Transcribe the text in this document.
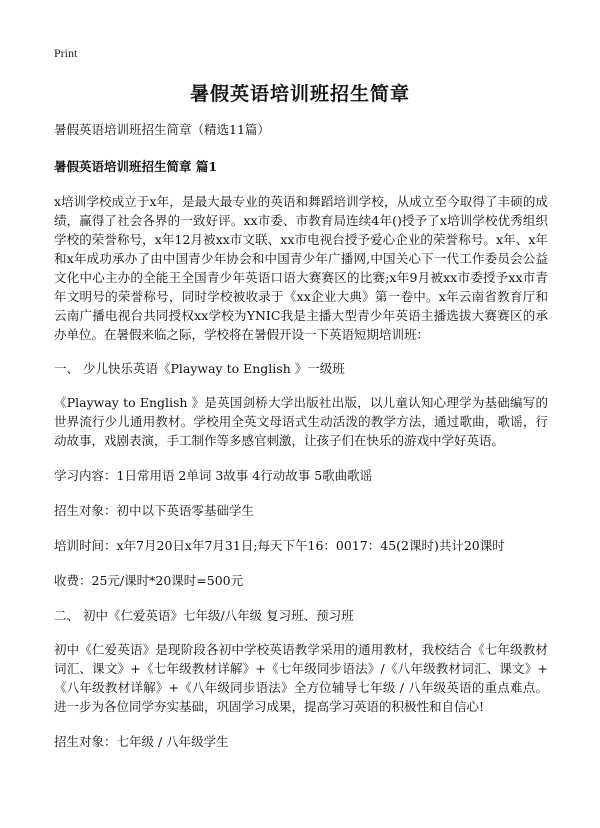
Print
暑假英语培训班招生简章

暑假英语培训班招生简章（精选11篇）

暑假英语培训班招生简章 篇1

x培训学校成立于x年，是最大最专业的英语和舞蹈培训学校，从成立至今取得了丰硕的成绩，赢得了社会各界的一致好评。xx市委、市教育局连续4年()授予了x培训学校优秀组织学校的荣誉称号，x年12月被xx市文联、xx市电视台授予爱心企业的荣誉称号。x年、x年和x年成功承办了由中国青少年协会和中国青少年广播网,中国关心下一代工作委员会公益文化中心主办的全能王全国青少年英语口语大赛赛区的比赛;x年9月被xx市委授予xx市青年文明号的荣誉称号，同时学校被收录于《xx企业大典》第一卷中。x年云南省教育厅和云南广播电视台共同授权xx学校为YNIC我是主播大型青少年英语主播选拔大赛赛区的承办单位。在暑假来临之际，学校将在暑假开设一下英语短期培训班：

一、 少儿快乐英语《Playway to English 》一级班

《Playway to English 》是英国剑桥大学出版社出版，以儿童认知心理学为基础编写的世界流行少儿通用教材。学校用全英文母语式生动活泼的教学方法，通过歌曲，歌谣，行动故事，戏剧表演，手工制作等多感官刺激，让孩子们在快乐的游戏中学好英语。

学习内容：1日常用语 2单词 3故事 4行动故事 5歌曲歌谣

招生对象：初中以下英语零基础学生

培训时间：x年7月20日x年7月31日;每天下午16：0017：45(2课时)共计20课时

收费：25元/课时*20课时=500元

二、 初中《仁爱英语》七年级/八年级 复习班、预习班

初中《仁爱英语》是现阶段各初中学校英语教学采用的通用教材，我校结合《七年级教材词汇、课文》+《七年级教材详解》+《七年级同步语法》/《八年级教材词汇、课文》+《八年级教材详解》+《八年级同步语法》全方位辅导七年级 / 八年级英语的重点难点。进一步为各位同学夯实基础，巩固学习成果，提高学习英语的积极性和自信心!

招生对象：七年级 / 八年级学生
